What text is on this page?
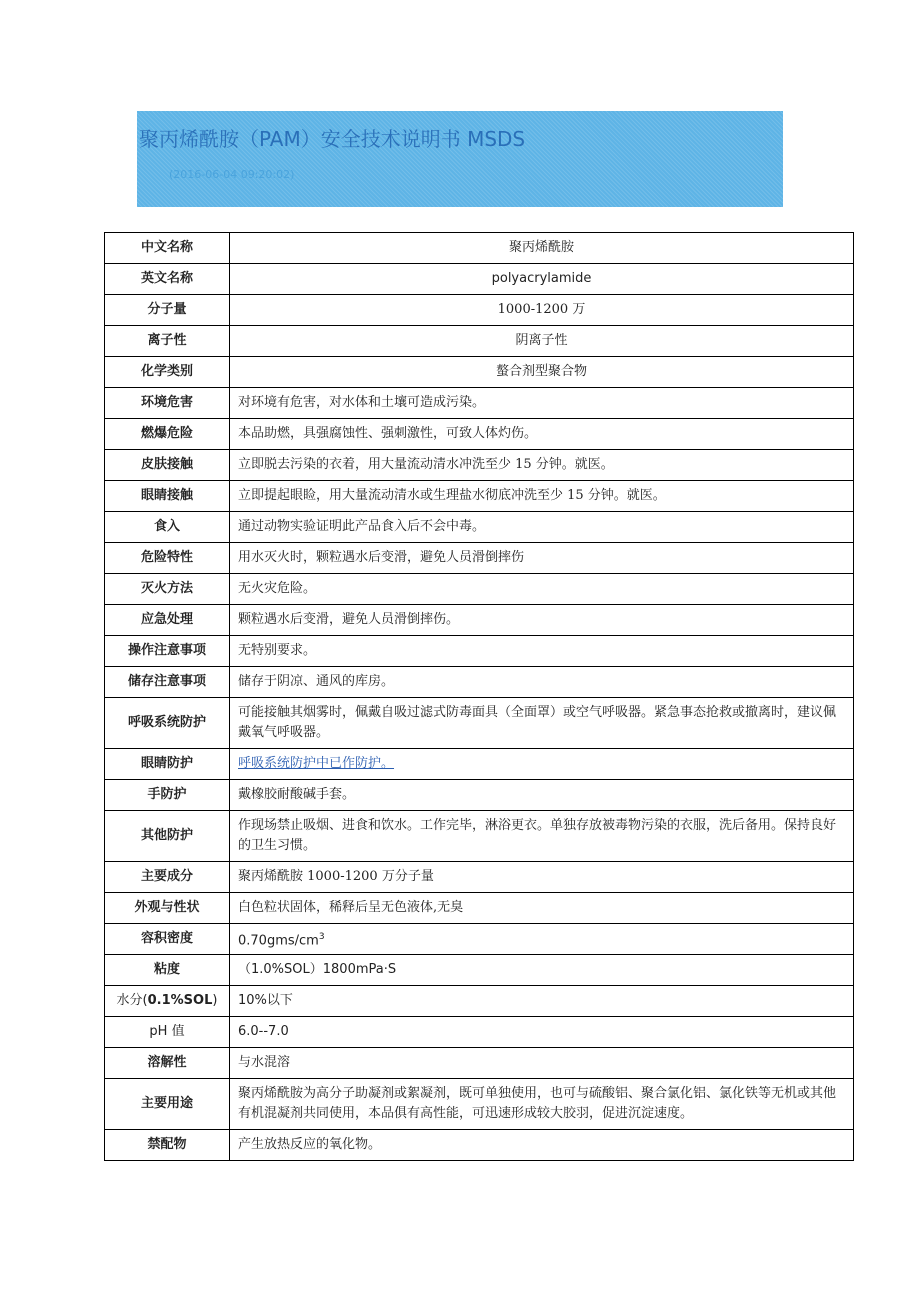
聚丙烯酰胺（PAM）安全技术说明书 MSDS
(2016-06-04 09:20:02)
中文名称	聚丙烯酰胺
英文名称	polyacrylamide
分子量	1000-1200 万
离子性	阴离子性
化学类别	螯合剂型聚合物
环境危害	对环境有危害，对水体和土壤可造成污染。
燃爆危险	本品助燃，具强腐蚀性、强刺激性，可致人体灼伤。
皮肤接触	立即脱去污染的衣着，用大量流动清水冲洗至少 15 分钟。就医。
眼睛接触	立即提起眼睑，用大量流动清水或生理盐水彻底冲洗至少 15 分钟。就医。
食入	通过动物实验证明此产品食入后不会中毒。
危险特性	用水灭火时，颗粒遇水后变滑，避免人员滑倒摔伤
灭火方法	无火灾危险。
应急处理	颗粒遇水后变滑，避免人员滑倒摔伤。
操作注意事项	无特别要求。
储存注意事项	储存于阴凉、通风的库房。
呼吸系统防护	可能接触其烟雾时，佩戴自吸过滤式防毒面具（全面罩）或空气呼吸器。紧急事态抢救或撤离时，建议佩戴氧气呼吸器。
眼睛防护	呼吸系统防护中已作防护。
手防护	戴橡胶耐酸碱手套。
其他防护	作现场禁止吸烟、进食和饮水。工作完毕，淋浴更衣。单独存放被毒物污染的衣服，洗后备用。保持良好的卫生习惯。
主要成分	聚丙烯酰胺 1000-1200 万分子量
外观与性状	白色粒状固体，稀释后呈无色液体,无臭
容积密度	$0.70gms/cm^3$
粘度	（1.0%SOL）1800mPa·S
水分(0.1%SOL)	10%以下
pH 值	6.0--7.0
溶解性	与水混溶
主要用途	聚丙烯酰胺为高分子助凝剂或絮凝剂，既可单独使用，也可与硫酸铝、聚合氯化铝、氯化铁等无机或其他有机混凝剂共同使用，本品俱有高性能，可迅速形成较大胶羽，促进沉淀速度。
禁配物	产生放热反应的氧化物。
